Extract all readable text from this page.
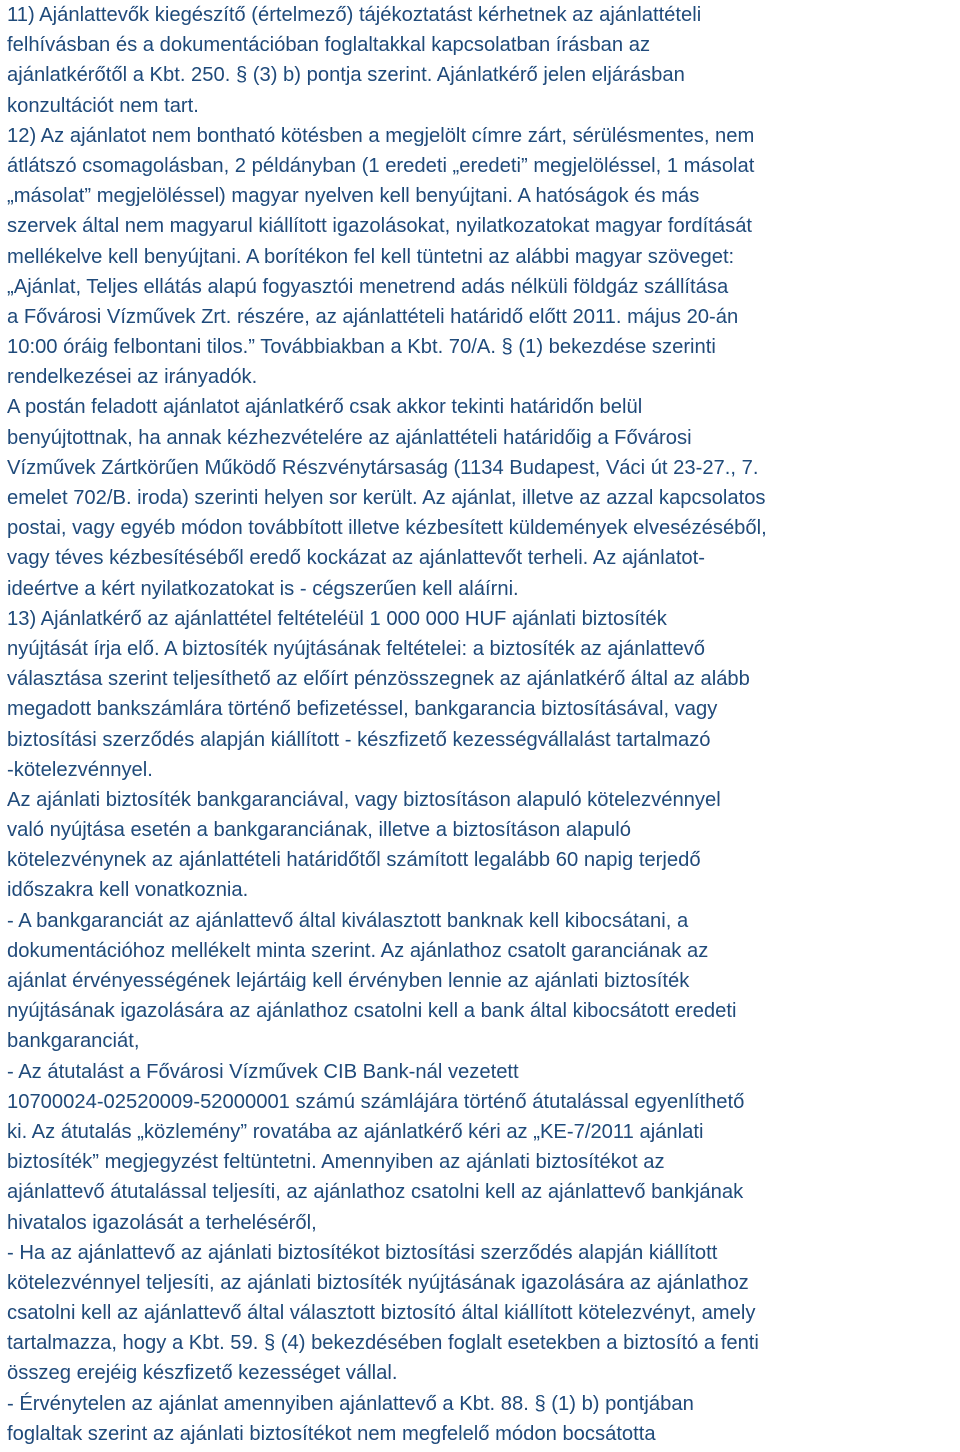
11) Ajánlattevők kiegészítő (értelmező) tájékoztatást kérhetnek az ajánlattételi
felhívásban és a dokumentációban foglaltakkal kapcsolatban írásban az
ajánlatkérőtől a Kbt. 250. § (3) b) pontja szerint. Ajánlatkérő jelen eljárásban
konzultációt nem tart.
12) Az ajánlatot nem bontható kötésben a megjelölt címre zárt, sérülésmentes, nem
átlátszó csomagolásban, 2 példányban (1 eredeti „eredeti” megjelöléssel, 1 másolat
„másolat” megjelöléssel) magyar nyelven kell benyújtani. A hatóságok és más
szervek által nem magyarul kiállított igazolásokat, nyilatkozatokat magyar fordítását
mellékelve kell benyújtani. A borítékon fel kell tüntetni az alábbi magyar szöveget:
„Ajánlat, Teljes ellátás alapú fogyasztói menetrend adás nélküli földgáz szállítása
a Fővárosi Vízművek Zrt. részére, az ajánlattételi határidő előtt 2011. május 20-án
10:00 óráig felbontani tilos.” Továbbiakban a Kbt. 70/A. § (1) bekezdése szerinti
rendelkezései az irányadók.
A postán feladott ajánlatot ajánlatkérő csak akkor tekinti határidőn belül
benyújtottnak, ha annak kézhezvételére az ajánlattételi határidőig a Fővárosi
Vízművek Zártkörűen Működő Részvénytársaság (1134 Budapest, Váci út 23-27., 7.
emelet 702/B. iroda) szerinti helyen sor került. Az ajánlat, illetve az azzal kapcsolatos
postai, vagy egyéb módon továbbított illetve kézbesített küldemények elvesézéséből,
vagy téves kézbesítéséből eredő kockázat az ajánlattevőt terheli. Az ajánlatot-
ideértve a kért nyilatkozatokat is - cégszerűen kell aláírni.
13) Ajánlatkérő az ajánlattétel feltételéül 1 000 000 HUF ajánlati biztosíték
nyújtását írja elő. A biztosíték nyújtásának feltételei: a biztosíték az ajánlattevő
választása szerint teljesíthető az előírt pénzösszegnek az ajánlatkérő által az alább
megadott bankszámlára történő befizetéssel, bankgarancia biztosításával, vagy
biztosítási szerződés alapján kiállított - készfizető kezességvállalást tartalmazó
-kötelezvénnyel.
Az ajánlati biztosíték bankgaranciával, vagy biztosításon alapuló kötelezvénnyel
való nyújtása esetén a bankgaranciának, illetve a biztosításon alapuló
kötelezvénynek az ajánlattételi határidőtől számított legalább 60 napig terjedő
időszakra kell vonatkoznia.
- A bankgaranciát az ajánlattevő által kiválasztott banknak kell kibocsátani, a
dokumentációhoz mellékelt minta szerint. Az ajánlathoz csatolt garanciának az
ajánlat érvényességének lejártáig kell érvényben lennie az ajánlati biztosíték
nyújtásának igazolására az ajánlathoz csatolni kell a bank által kibocsátott eredeti
bankgaranciát,
- Az átutalást a Fővárosi Vízművek CIB Bank-nál vezetett
10700024-02520009-52000001 számú számlájára történő átutalással egyenlíthető
ki. Az átutalás „közlemény” rovatába az ajánlatkérő kéri az „KE-7/2011 ajánlati
biztosíték” megjegyzést feltüntetni. Amennyiben az ajánlati biztosítékot az
ajánlattevő átutalással teljesíti, az ajánlathoz csatolni kell az ajánlattevő bankjának
hivatalos igazolását a terheléséről,
- Ha az ajánlattevő az ajánlati biztosítékot biztosítási szerződés alapján kiállított
kötelezvénnyel teljesíti, az ajánlati biztosíték nyújtásának igazolására az ajánlathoz
csatolni kell az ajánlattevő által választott biztosító által kiállított kötelezvényt, amely
tartalmazza, hogy a Kbt. 59. § (4) bekezdésében foglalt esetekben a biztosító a fenti
összeg erejéig készfizető kezességet vállal.
- Érvénytelen az ajánlat amennyiben ajánlattevő a Kbt. 88. § (1) b) pontjában
foglaltak szerint az ajánlati biztosítékot nem megfelelő módon bocsátotta
